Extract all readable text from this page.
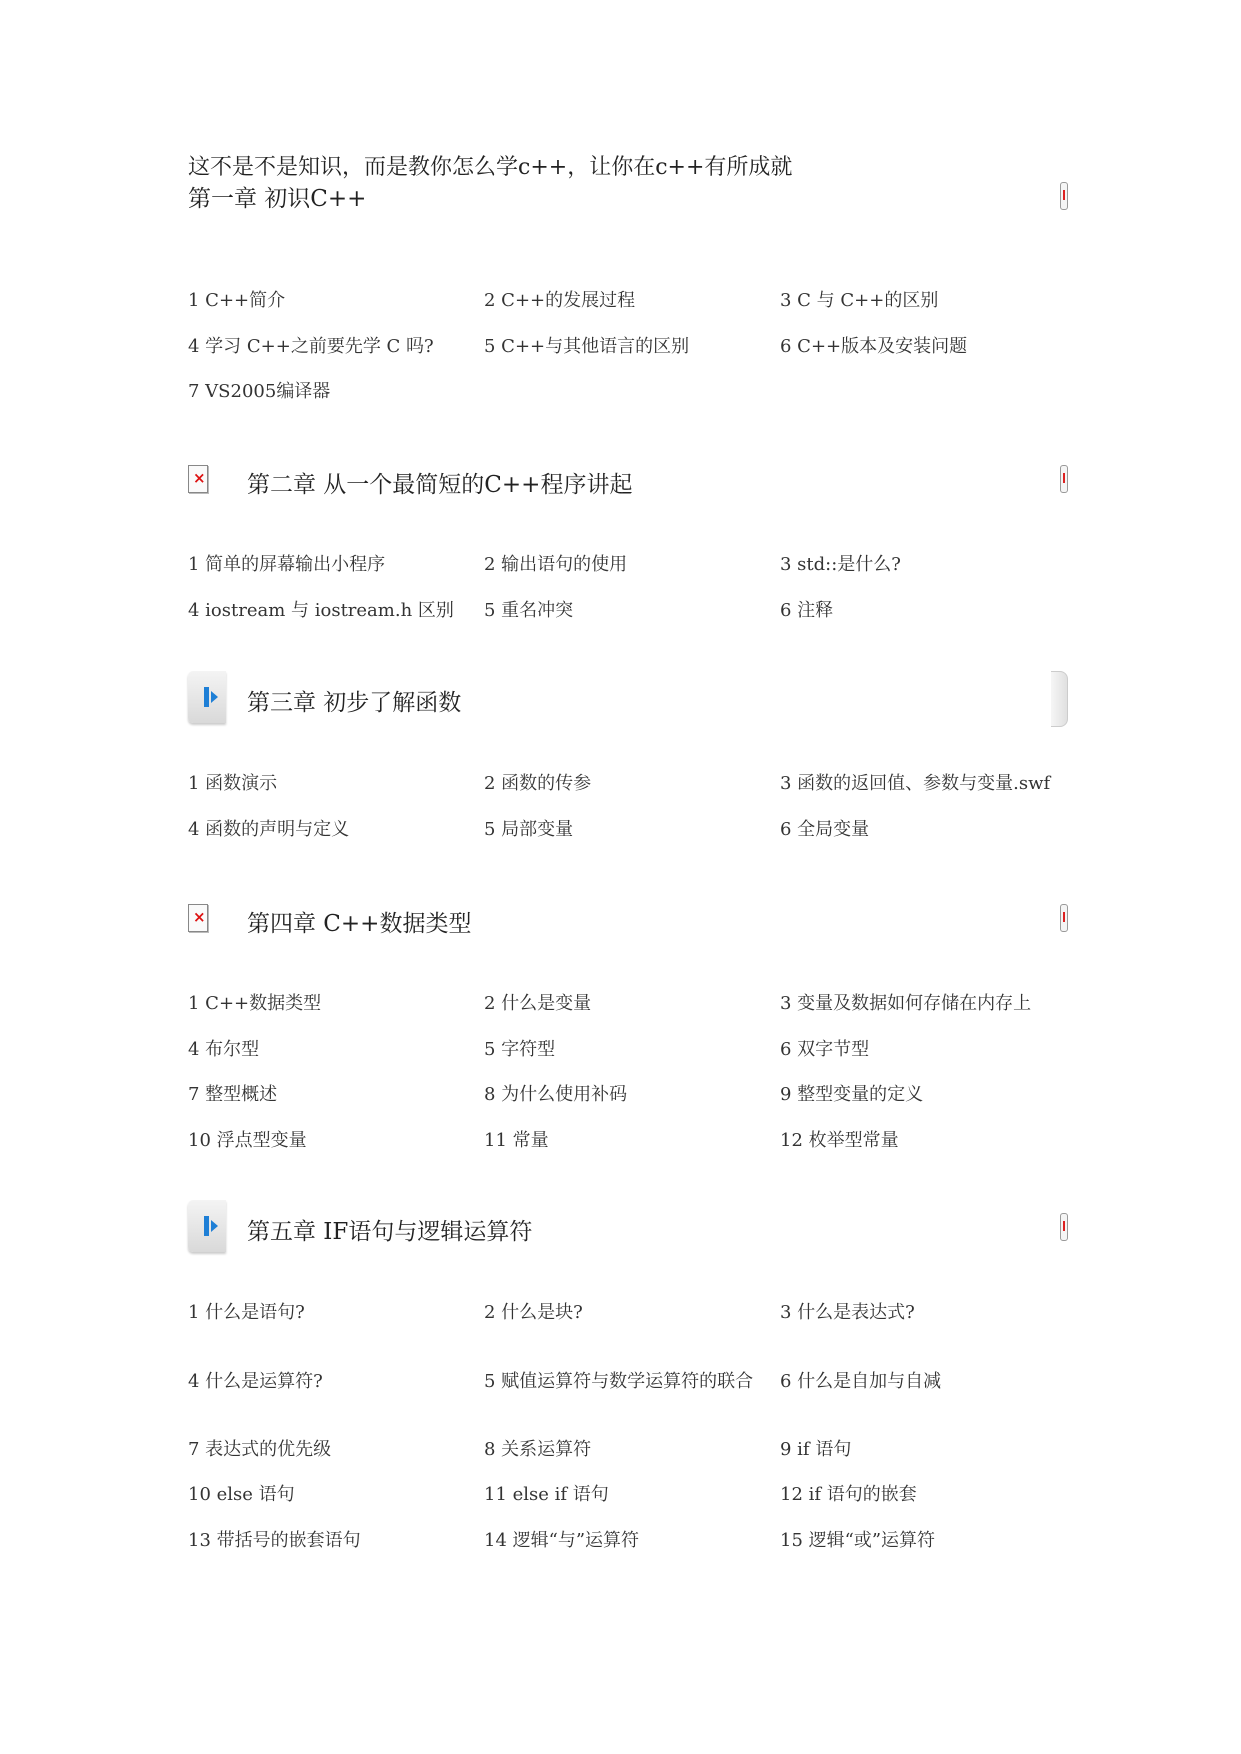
这不是不是知识，而是教你怎么学c++，让你在c++有所成就
第一章 初识C++
1 C++简介	2 C++的发展过程	3 C 与 C++的区别
4 学习 C++之前要先学 C 吗?	5 C++与其他语言的区别	6 C++版本及安装问题
7 VS2005编译器
× 第二章 从一个最简短的C++程序讲起
1 简单的屏幕输出小程序	2 输出语句的使用	3 std::是什么?
4 iostream 与 iostream.h 区别	5 重名冲突	6 注释
第三章 初步了解函数
1 函数演示	2 函数的传参	3 函数的返回值、参数与变量.swf
4 函数的声明与定义	5 局部变量	6 全局变量
× 第四章 C++数据类型
1 C++数据类型	2 什么是变量	3 变量及数据如何存储在内存上
4 布尔型	5 字符型	6 双字节型
7 整型概述	8 为什么使用补码	9 整型变量的定义
10 浮点型变量	11 常量	12 枚举型常量
第五章 IF语句与逻辑运算符
1 什么是语句?	2 什么是块?	3 什么是表达式?
4 什么是运算符?	5 赋值运算符与数学运算符的联合	6 什么是自加与自减
7 表达式的优先级	8 关系运算符	9 if 语句
10 else 语句	11 else if 语句	12 if 语句的嵌套
13 带括号的嵌套语句	14 逻辑“与”运算符	15 逻辑“或”运算符
